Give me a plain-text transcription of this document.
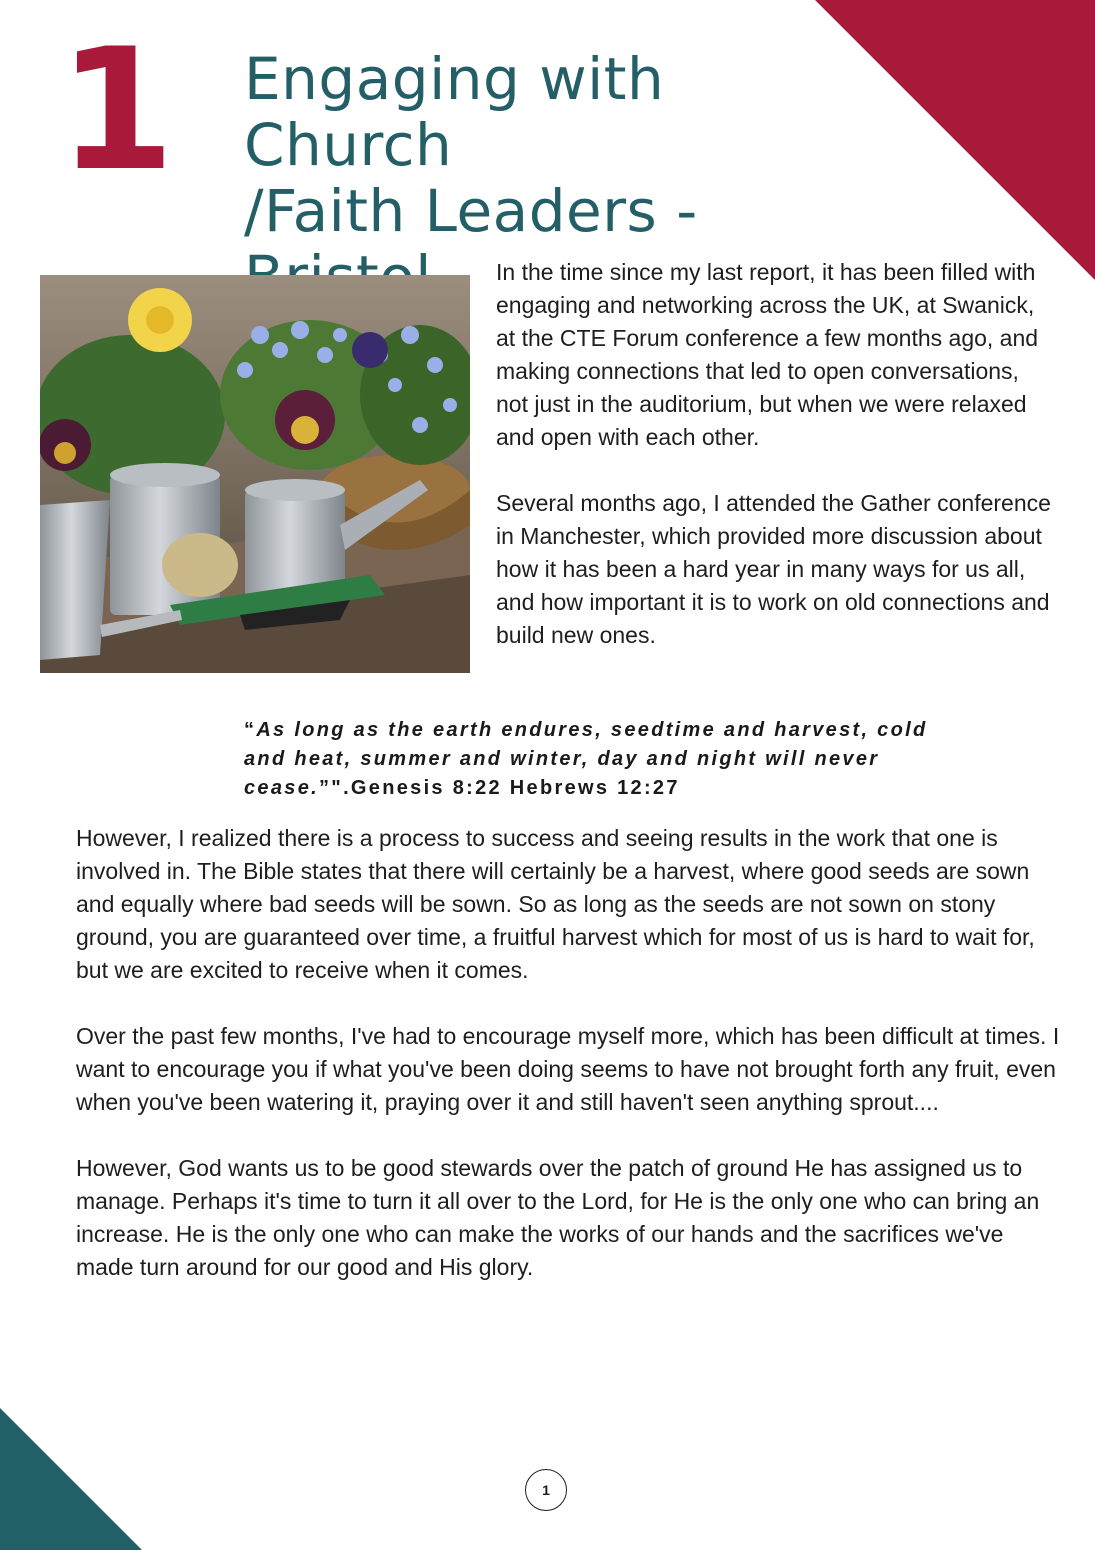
1 Engaging with Church
/Faith Leaders -

In the time since my last report, it has been filled with engaging and networking across the UK, at Swanick, at the CTE Forum conference a few months ago, and making connections that led to open conversations, not just in the auditorium, but when we were relaxed and open with each other.

Several months ago, I attended the Gather conference in Manchester, which provided more discussion about how it has been a hard year in many ways for us all, and how important it is to work on old connections and build new ones.

“As long as the earth endures, seedtime and harvest, cold and heat, summer and winter, day and night will never cease.”".Genesis 8:22 Hebrews 12:27

However, I realized there is a process to success and seeing results in the work that one is involved in. The Bible states that there will certainly be a harvest, where good seeds are sown and equally where bad seeds will be sown. So as long as the seeds are not sown on stony ground, you are guaranteed over time, a fruitful harvest which for most of us is hard to wait for, but we are excited to receive when it comes.

Over the past few months, I've had to encourage myself more, which has been difficult at times. I want to encourage you if what you've been doing seems to have not brought forth any fruit, even when you've been watering it, praying over it and still haven't seen anything sprout....

However, God wants us to be good stewards over the patch of ground He has assigned us to manage. Perhaps it's time to turn it all over to the Lord, for He is the only one who can bring an increase. He is the only one who can make the works of our hands and the sacrifices we've made turn around for our good and His glory.

1
